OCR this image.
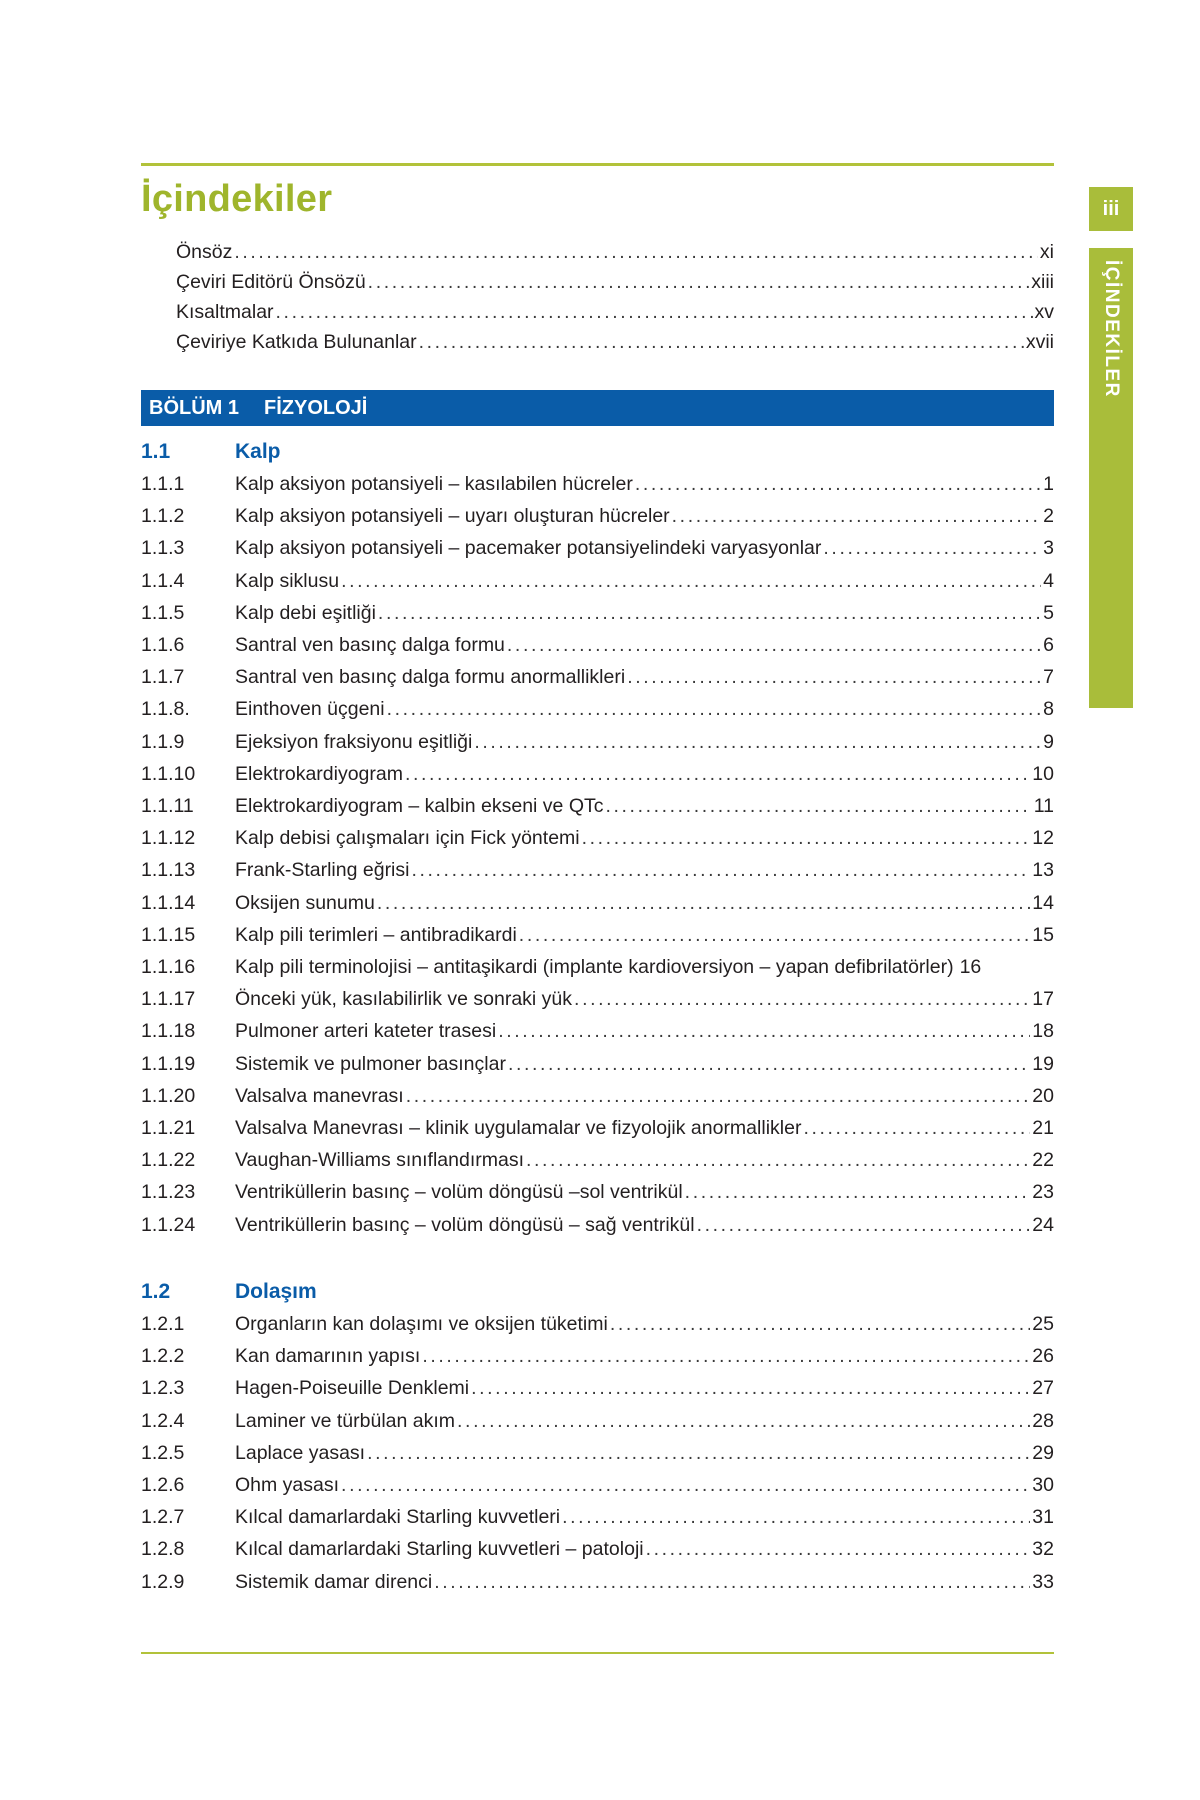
İçindekiler	iii
İÇİNDEKİLER
Önsöz .....	xi
Çeviri Editörü Önsözü .....	xiii
Kısaltmalar .....	xv
Çeviriye Katkıda Bulunanlar .....	xvii
BÖLÜM 1	FİZYOLOJİ
1.1	Kalp
1.1.1	Kalp aksiyon potansiyeli – kasılabilen hücreler .....	1
1.1.2	Kalp aksiyon potansiyeli – uyarı oluşturan hücreler .....	2
1.1.3	Kalp aksiyon potansiyeli – pacemaker potansiyelindeki varyasyonlar .....	3
1.1.4	Kalp siklusu .....	4
1.1.5	Kalp debi eşitliği .....	5
1.1.6	Santral ven basınç dalga formu .....	6
1.1.7	Santral ven basınç dalga formu anormallikleri .....	7
1.1.8.	Einthoven üçgeni .....	8
1.1.9	Ejeksiyon fraksiyonu eşitliği .....	9
1.1.10	Elektrokardiyogram .....	10
1.1.11	Elektrokardiyogram – kalbin ekseni ve QTc .....	11
1.1.12	Kalp debisi çalışmaları için Fick yöntemi .....	12
1.1.13	Frank-Starling eğrisi .....	13
1.1.14	Oksijen sunumu .....	14
1.1.15	Kalp pili terimleri – antibradikardi .....	15
1.1.16	Kalp pili terminolojisi – antitaşikardi (implante kardioversiyon – yapan defibrilatörler) 16
1.1.17	Önceki yük, kasılabilirlik ve sonraki yük .....	17
1.1.18	Pulmoner arteri kateter trasesi .....	18
1.1.19	Sistemik ve pulmoner basınçlar .....	19
1.1.20	Valsalva manevrası .....	20
1.1.21	Valsalva Manevrası – klinik uygulamalar ve fizyolojik anormallikler .....	21
1.1.22	Vaughan-Williams sınıflandırması .....	22
1.1.23	Ventriküllerin basınç – volüm döngüsü –sol ventrikül .....	23
1.1.24	Ventriküllerin basınç – volüm döngüsü – sağ ventrikül .....	24
1.2	Dolaşım
1.2.1	Organların kan dolaşımı ve oksijen tüketimi .....	25
1.2.2	Kan damarının yapısı .....	26
1.2.3	Hagen-Poiseuille Denklemi .....	27
1.2.4	Laminer ve türbülan akım .....	28
1.2.5	Laplace yasası .....	29
1.2.6	Ohm yasası .....	30
1.2.7	Kılcal damarlardaki Starling kuvvetleri .....	31
1.2.8	Kılcal damarlardaki Starling kuvvetleri – patoloji .....	32
1.2.9	Sistemik damar direnci .....	33
